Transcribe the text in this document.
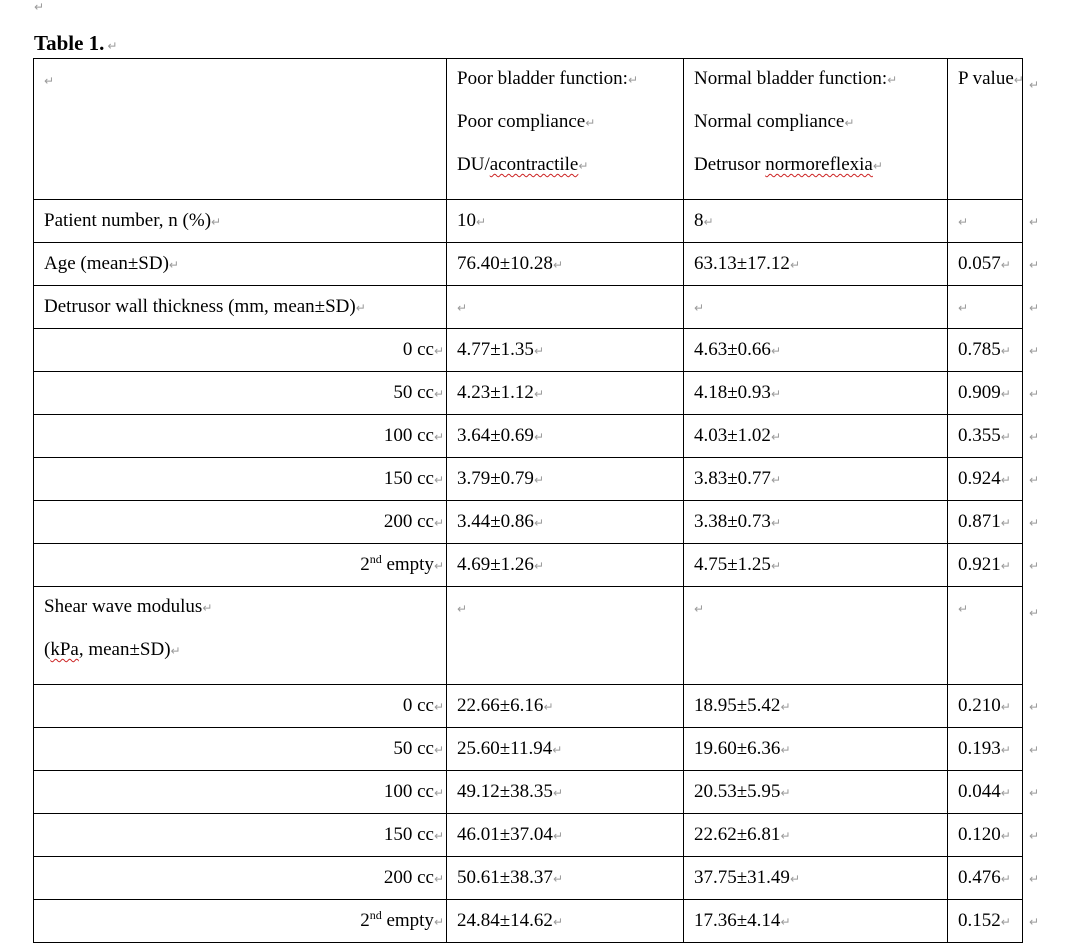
↵
Table 1. ↵
↵	Poor bladder function:↵
Poor compliance↵
DU/acontractile↵	Normal bladder function:↵
Normal compliance↵
Detrusor normoreflexia↵	P value↵	↵
Patient number, n (%)↵	10↵	8↵	↵	↵
Age (mean±SD)↵	76.40±10.28↵	63.13±17.12↵	0.057↵	↵
Detrusor wall thickness (mm, mean±SD)↵	↵	↵	↵	↵
0 cc↵	4.77±1.35↵	4.63±0.66↵	0.785↵	↵
50 cc↵	4.23±1.12↵	4.18±0.93↵	0.909↵	↵
100 cc↵	3.64±0.69↵	4.03±1.02↵	0.355↵	↵
150 cc↵	3.79±0.79↵	3.83±0.77↵	0.924↵	↵
200 cc↵	3.44±0.86↵	3.38±0.73↵	0.871↵	↵
2nd empty↵	4.69±1.26↵	4.75±1.25↵	0.921↵	↵

Shear wave modulus↵
(kPa, mean±SD)↵	↵	↵	↵	↵
0 cc↵	22.66±6.16↵	18.95±5.42↵	0.210↵	↵
50 cc↵	25.60±11.94↵	19.60±6.36↵	0.193↵	↵
100 cc↵	49.12±38.35↵	20.53±5.95↵	0.044↵	↵
150 cc↵	46.01±37.04↵	22.62±6.81↵	0.120↵	↵
200 cc↵	50.61±38.37↵	37.75±31.49↵	0.476↵	↵
2nd empty↵	24.84±14.62↵	17.36±4.14↵	0.152↵	↵
